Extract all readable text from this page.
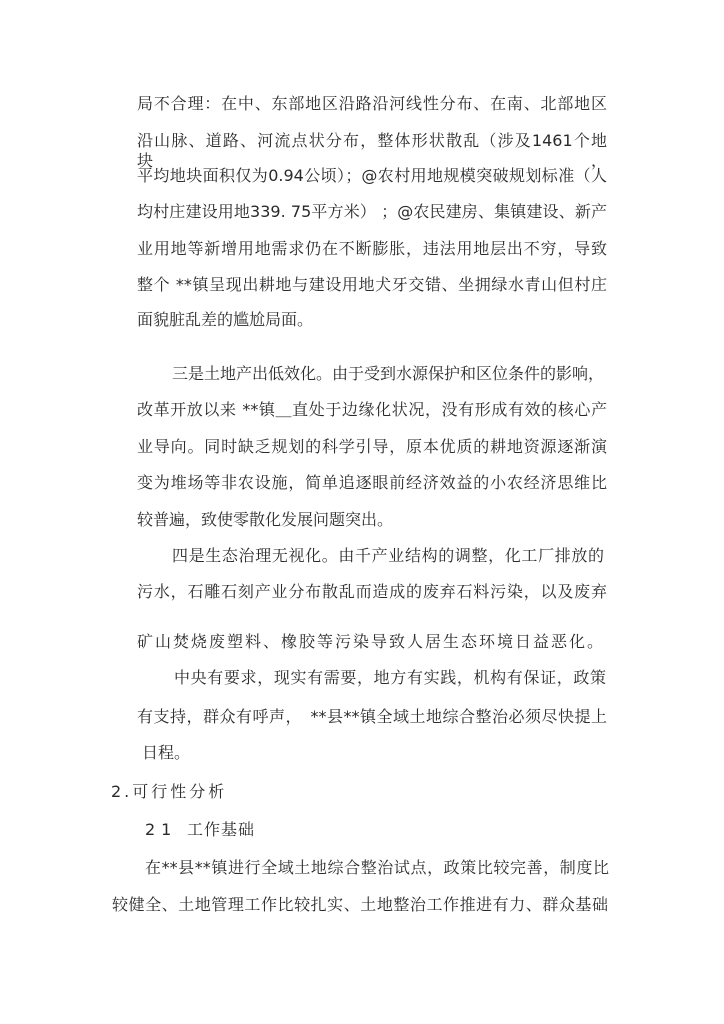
局不合理：在中、东部地区沿路沿河线性分布、在南、北部地区
沿山脉、道路、河流点状分布，整体形状散乱（涉及1461个地块，
平均地块面积仅为0.94公顷）；@农村用地规模突破规划标准（人
均村庄建设用地339. 75平方米） ；@农民建房、集镇建设、新产
业用地等新增用地需求仍在不断膨胀，违法用地层出不穷，导致
整个 **镇呈现出耕地与建设用地犬牙交错、坐拥绿水青山但村庄
面貌脏乱差的尴尬局面。
三是土地产出低效化。由于受到水源保护和区位条件的影响，
改革开放以来 **镇＿直处于边缘化状况，没有形成有效的核心产
业导向。同时缺乏规划的科学引导，原本优质的耕地资源逐渐演
变为堆场等非农设施，简单追逐眼前经济效益的小农经济思维比
较普遍，致使零散化发展问题突出。
四是生态治理无视化。由千产业结构的调整，化工厂排放的
污水，石雕石刻产业分布散乱而造成的废弃石料污染，以及废弃
矿山焚烧废塑料、橡胶等污染导致人居生态环境日益恶化。
中央有要求，现实有需要，地方有实践，机构有保证，政策
有支持，群众有呼声，　**县**镇全域土地综合整治必须尽快提上
日程。
2.可行性分析
21 工作基础
在**县**镇进行全域土地综合整治试点，政策比较完善，制度比
较健全、土地管理工作比较扎实、土地整治工作推进有力、群众基础
